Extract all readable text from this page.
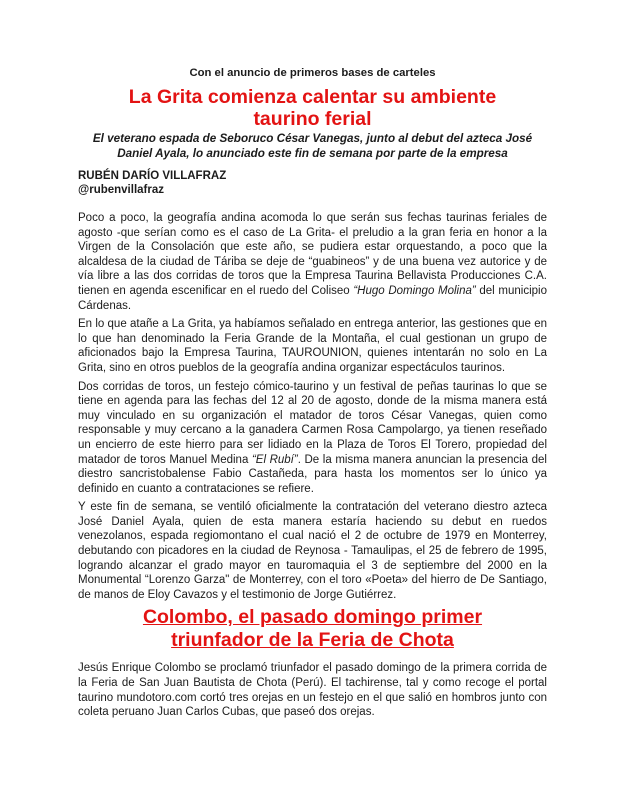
Con el anuncio de primeros bases de carteles
La Grita comienza calentar su ambiente
taurino ferial
El veterano espada de Seboruco César Vanegas, junto al debut del azteca José
Daniel Ayala, lo anunciado este fin de semana por parte de la empresa
RUBÉN DARÍO VILLAFRAZ
@rubenvillafraz

Poco a poco, la geografía andina acomoda lo que serán sus fechas taurinas feriales de agosto -que serían como es el caso de La Grita- el preludio a la gran feria en honor a la Virgen de la Consolación que este año, se pudiera estar orquestando, a poco que la alcaldesa de la ciudad de Táriba se deje de “guabineos” y de una buena vez autorice y de vía libre a las dos corridas de toros que la Empresa Taurina Bellavista Producciones C.A. tienen en agenda escenificar en el ruedo del Coliseo “Hugo Domingo Molina” del municipio Cárdenas.

En lo que atañe a La Grita, ya habíamos señalado en entrega anterior, las gestiones que en lo que han denominado la Feria Grande de la Montaña, el cual gestionan un grupo de aficionados bajo la Empresa Taurina, TAUROUNION, quienes intentarán no solo en La Grita, sino en otros pueblos de la geografía andina organizar espectáculos taurinos.

Dos corridas de toros, un festejo cómico-taurino y un festival de peñas taurinas lo que se tiene en agenda para las fechas del 12 al 20 de agosto, donde de la misma manera está muy vinculado en su organización el matador de toros César Vanegas, quien como responsable y muy cercano a la ganadera Carmen Rosa Campolargo, ya tienen reseñado un encierro de este hierro para ser lidiado en la Plaza de Toros El Torero, propiedad del matador de toros Manuel Medina “El Rubí”. De la misma manera anuncian la presencia del diestro sancristobalense Fabio Castañeda, para hasta los momentos ser lo único ya definido en cuanto a contrataciones se refiere.

Y este fin de semana, se ventiló oficialmente la contratación del veterano diestro azteca José Daniel Ayala, quien de esta manera estaría haciendo su debut en ruedos venezolanos, espada regiomontano el cual nació el 2 de octubre de 1979 en Monterrey, debutando con picadores en la ciudad de Reynosa - Tamaulipas, el 25 de febrero de 1995, logrando alcanzar el grado mayor en tauromaquia el 3 de septiembre del 2000 en la Monumental “Lorenzo Garza" de Monterrey, con el toro «Poeta» del hierro de De Santiago, de manos de Eloy Cavazos y el testimonio de Jorge Gutiérrez.

Colombo, el pasado domingo primer
triunfador de la Feria de Chota

Jesús Enrique Colombo se proclamó triunfador el pasado domingo de la primera corrida de la Feria de San Juan Bautista de Chota (Perú). El tachirense, tal y como recoge el portal taurino mundotoro.com cortó tres orejas en un festejo en el que salió en hombros junto con coleta peruano Juan Carlos Cubas, que paseó dos orejas.
